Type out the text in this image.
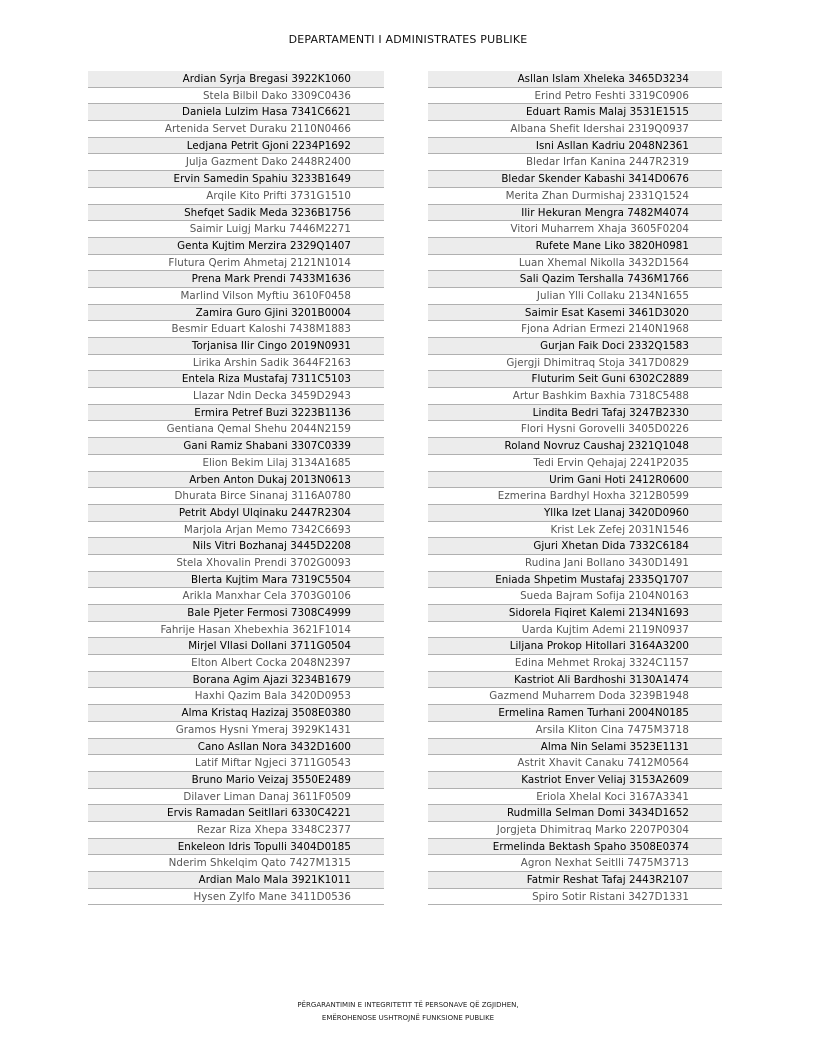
DEPARTAMENTI I ADMINISTRATES PUBLIKE
Ardian Syrja Bregasi 3922K1060
Stela Bilbil Dako 3309C0436
Daniela Lulzim Hasa 7341C6621
Artenida Servet Duraku 2110N0466
Ledjana Petrit Gjoni 2234P1692
Julja Gazment Dako 2448R2400
Ervin Samedin Spahiu 3233B1649
Arqile Kito Prifti 3731G1510
Shefqet Sadik Meda 3236B1756
Saimir Luigj Marku 7446M2271
Genta Kujtim Merzira 2329Q1407
Flutura Qerim Ahmetaj 2121N1014
Prena Mark Prendi 7433M1636
Marlind Vilson Myftiu 3610F0458
Zamira Guro Gjini 3201B0004
Besmir Eduart Kaloshi 7438M1883
Torjanisa Ilir Cingo 2019N0931
Lirika Arshin Sadik 3644F2163
Entela Riza Mustafaj 7311C5103
Llazar Ndin Decka 3459D2943
Ermira Petref Buzi 3223B1136
Gentiana Qemal Shehu 2044N2159
Gani Ramiz Shabani 3307C0339
Elion Bekim Lilaj 3134A1685
Arben Anton Dukaj 2013N0613
Dhurata Birce Sinanaj 3116A0780
Petrit Abdyl Ulqinaku 2447R2304
Marjola Arjan Memo 7342C6693
Nils Vitri Bozhanaj 3445D2208
Stela Xhovalin Prendi 3702G0093
Blerta Kujtim Mara 7319C5504
Arikla Manxhar Cela 3703G0106
Bale Pjeter Fermosi 7308C4999
Fahrije Hasan Xhebexhia 3621F1014
Mirjel Vllasi Dollani 3711G0504
Elton Albert Cocka 2048N2397
Borana Agim Ajazi 3234B1679
Haxhi Qazim Bala 3420D0953
Alma Kristaq Hazizaj 3508E0380
Gramos Hysni Ymeraj 3929K1431
Cano Asllan Nora 3432D1600
Latif Miftar Ngjeci 3711G0543
Bruno Mario Veizaj 3550E2489
Dilaver Liman Danaj 3611F0509
Ervis Ramadan Seitllari 6330C4221
Rezar Riza Xhepa 3348C2377
Enkeleon Idris Topulli 3404D0185
Nderim Shkelqim Qato 7427M1315
Ardian Malo Mala 3921K1011
Hysen Zylfo Mane 3411D0536
Asllan Islam Xheleka 3465D3234
Erind Petro Feshti 3319C0906
Eduart Ramis Malaj 3531E1515
Albana Shefit Idershai 2319Q0937
Isni Asllan Kadriu 2048N2361
Bledar Irfan Kanina 2447R2319
Bledar Skender Kabashi 3414D0676
Merita Zhan Durmishaj 2331Q1524
Ilir Hekuran Mengra 7482M4074
Vitori Muharrem Xhaja 3605F0204
Rufete Mane Liko 3820H0981
Luan Xhemal Nikolla 3432D1564
Sali Qazim Tershalla 7436M1766
Julian Ylli Collaku 2134N1655
Saimir Esat Kasemi 3461D3020
Fjona Adrian Ermezi 2140N1968
Gurjan Faik Doci 2332Q1583
Gjergji Dhimitraq Stoja 3417D0829
Fluturim Seit Guni 6302C2889
Artur Bashkim Baxhia 7318C5488
Lindita Bedri Tafaj 3247B2330
Flori Hysni Gorovelli 3405D0226
Roland Novruz Caushaj 2321Q1048
Tedi Ervin Qehajaj 2241P2035
Urim Gani Hoti 2412R0600
Ezmerina Bardhyl Hoxha 3212B0599
Yllka Izet Llanaj 3420D0960
Krist Lek Zefej 2031N1546
Gjuri Xhetan Dida 7332C6184
Rudina Jani Bollano 3430D1491
Eniada Shpetim Mustafaj 2335Q1707
Sueda Bajram Sofija 2104N0163
Sidorela Fiqiret Kalemi 2134N1693
Uarda Kujtim Ademi 2119N0937
Liljana Prokop Hitollari 3164A3200
Edina Mehmet Rrokaj 3324C1157
Kastriot Ali Bardhoshi 3130A1474
Gazmend Muharrem Doda 3239B1948
Ermelina Ramen Turhani 2004N0185
Arsila Kliton Cina 7475M3718
Alma Nin Selami 3523E1131
Astrit Xhavit Canaku 7412M0564
Kastriot Enver Veliaj 3153A2609
Eriola Xhelal Koci 3167A3341
Rudmilla Selman Domi 3434D1652
Jorgjeta Dhimitraq Marko 2207P0304
Ermelinda Bektash Spaho 3508E0374
Agron Nexhat Seitlli 7475M3713
Fatmir Reshat Tafaj 2443R2107
Spiro Sotir Ristani 3427D1331
PËRGARANTIMIN E INTEGRITETIT TË PERSONAVE QË ZGJIDHEN,
EMËROHENOSE USHTROJNË FUNKSIONE PUBLIKE
